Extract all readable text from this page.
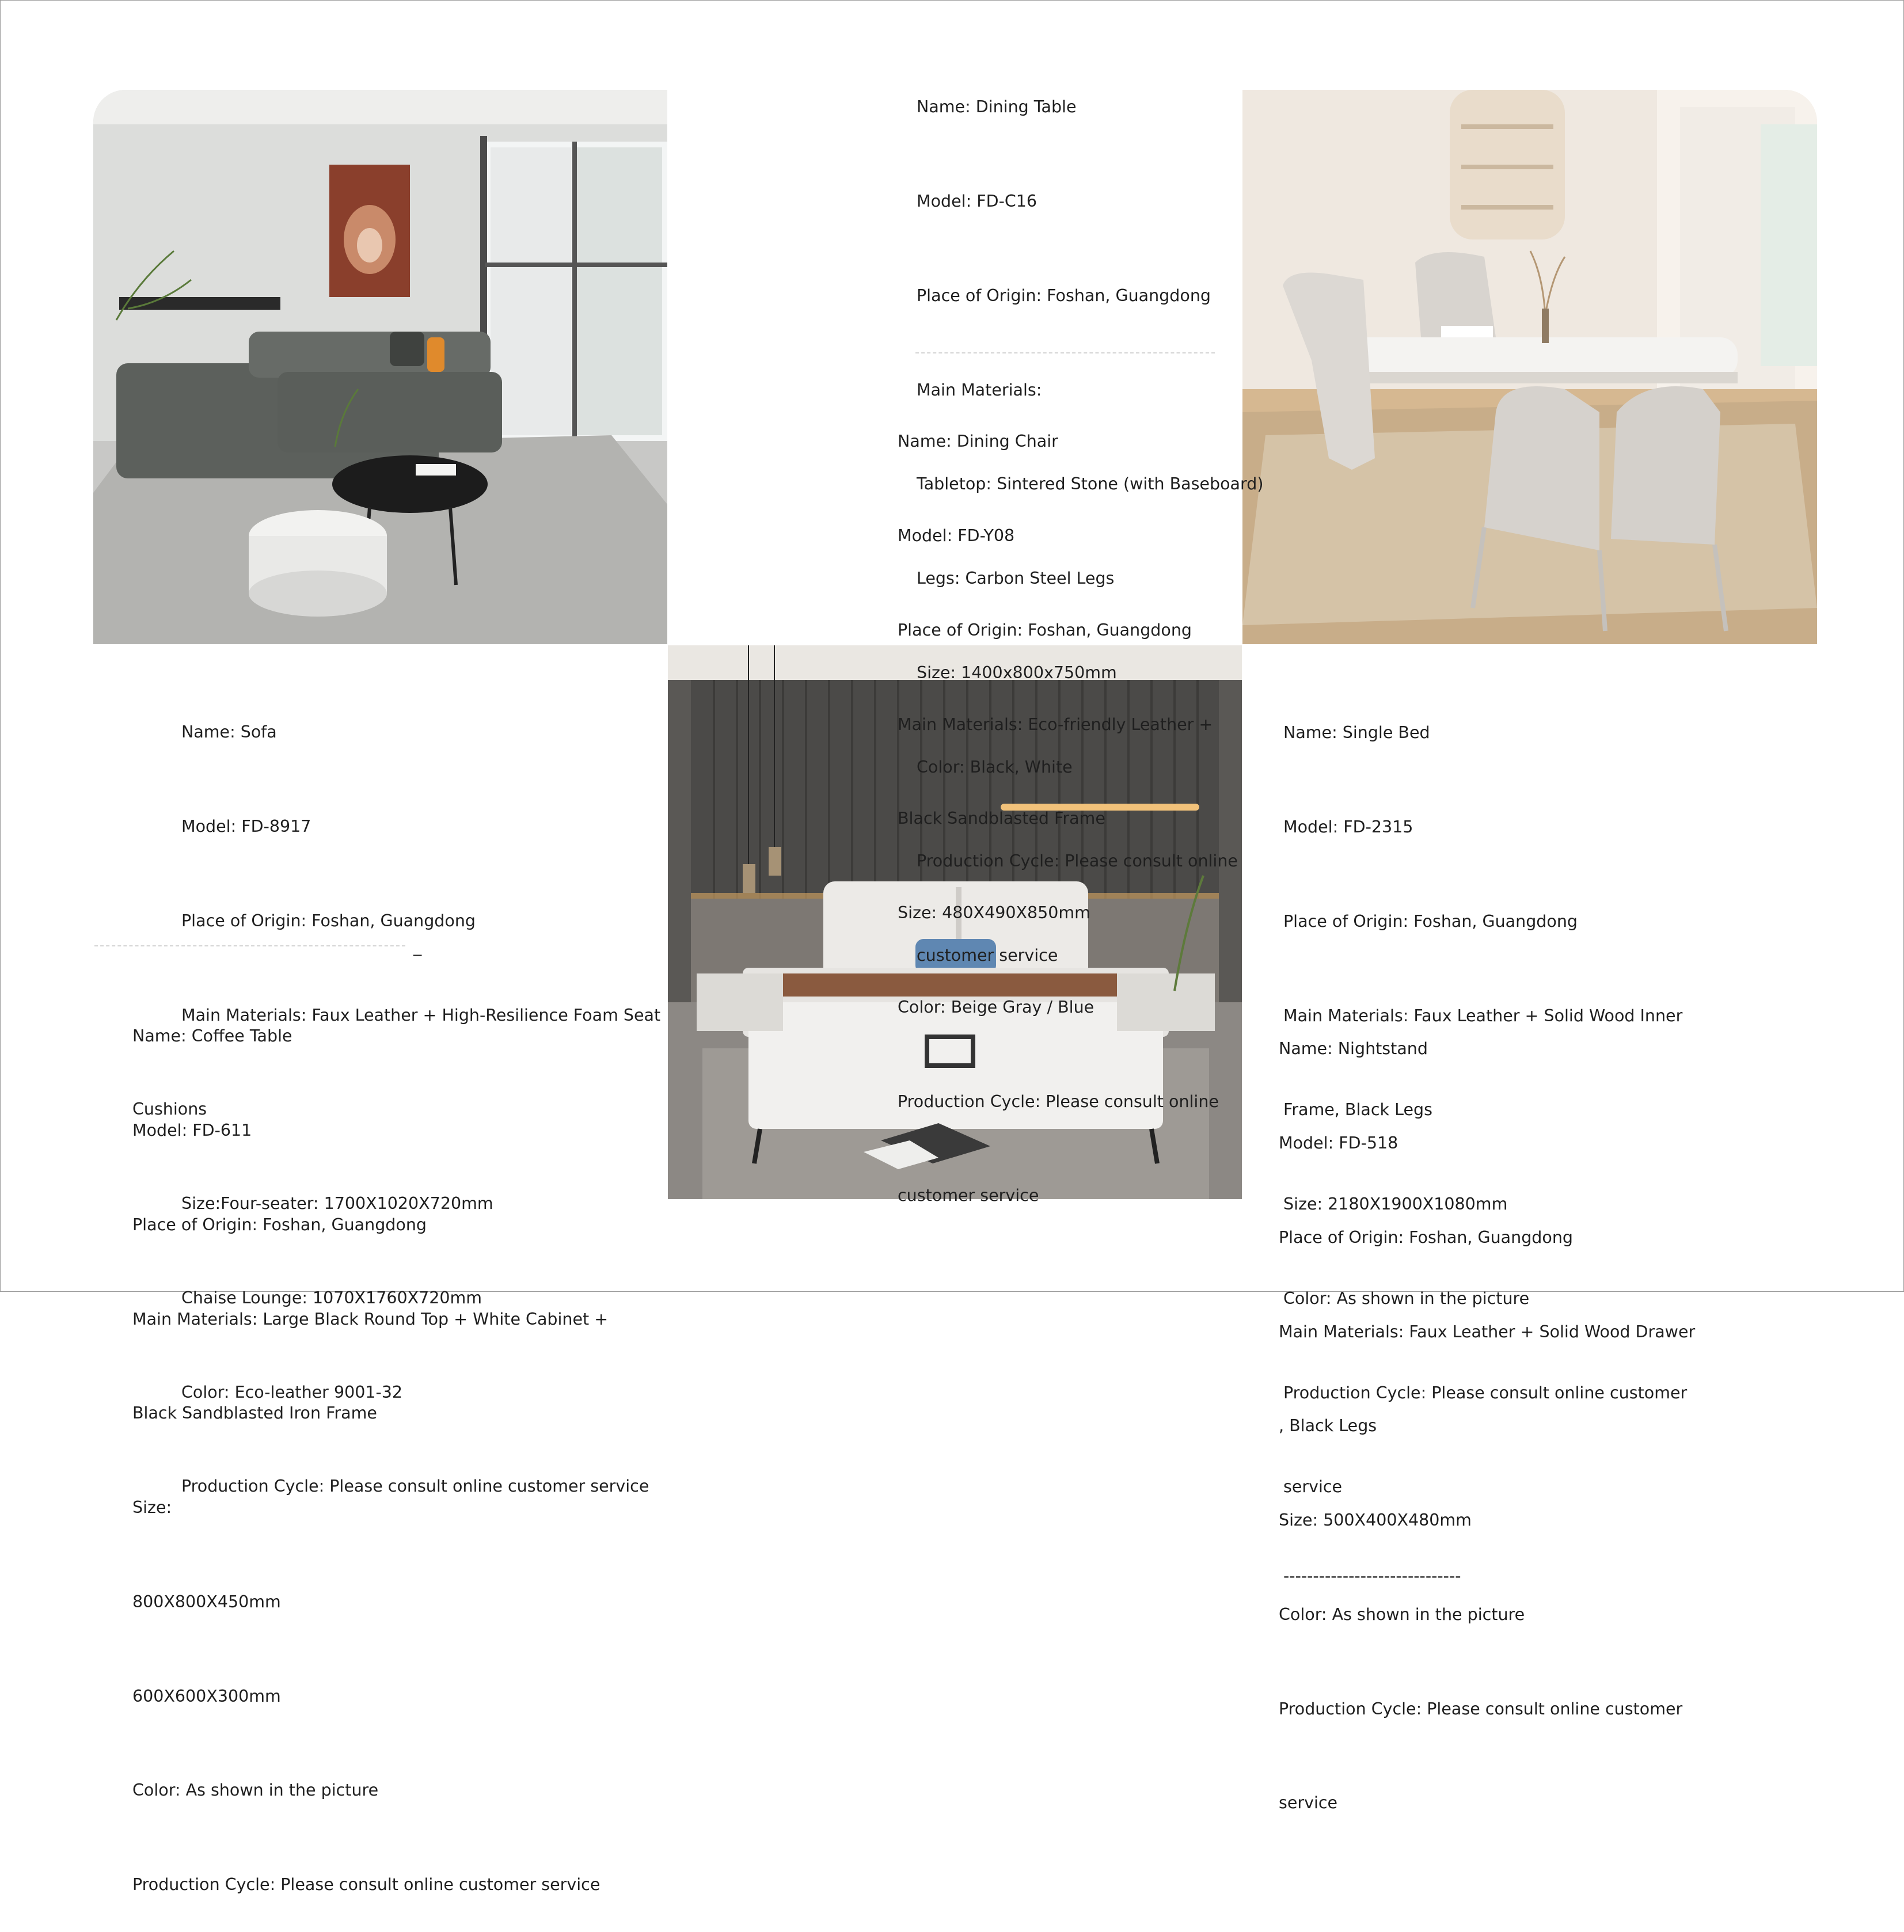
Name: Dining Table

Model: FD-C16

Place of Origin: Foshan, Guangdong

Main Materials:

Tabletop: Sintered Stone (with Baseboard)

Legs: Carbon Steel Legs

Size: 1400x800x750mm

Color: Black, White

Production Cycle: Please consult online

customer service

Name: Dining Chair

Model: FD-Y08

Place of Origin: Foshan, Guangdong

Main Materials: Eco-friendly Leather +

Black Sandblasted Frame

Size: 480X490X850mm

Color: Beige Gray / Blue

Production Cycle: Please consult online

customer service

Name: Sofa

Model: FD-8917

Place of Origin: Foshan, Guangdong

Main Materials: Faux Leather + High-Resilience Foam Seat

Cushions

Size:Four-seater: 1700X1020X720mm

Chaise Lounge: 1070X1760X720mm

Color: Eco-leather 9001-32

Production Cycle: Please consult online customer service

_

Name: Coffee Table

Model: FD-611

Place of Origin: Foshan, Guangdong

Main Materials: Large Black Round Top + White Cabinet +

Black Sandblasted Iron Frame

Size:

800X800X450mm

600X600X300mm

Color: As shown in the picture

Production Cycle: Please consult online customer service

Name: Single Bed

Model: FD-2315

Place of Origin: Foshan, Guangdong

Main Materials: Faux Leather + Solid Wood Inner

Frame, Black Legs

Size: 2180X1900X1080mm

Color: As shown in the picture

Production Cycle: Please consult online customer

service

------------------------------

Name: Nightstand

Model: FD-518

Place of Origin: Foshan, Guangdong

Main Materials: Faux Leather + Solid Wood Drawer

, Black Legs

Size: 500X400X480mm

Color: As shown in the picture

Production Cycle: Please consult online customer

service
